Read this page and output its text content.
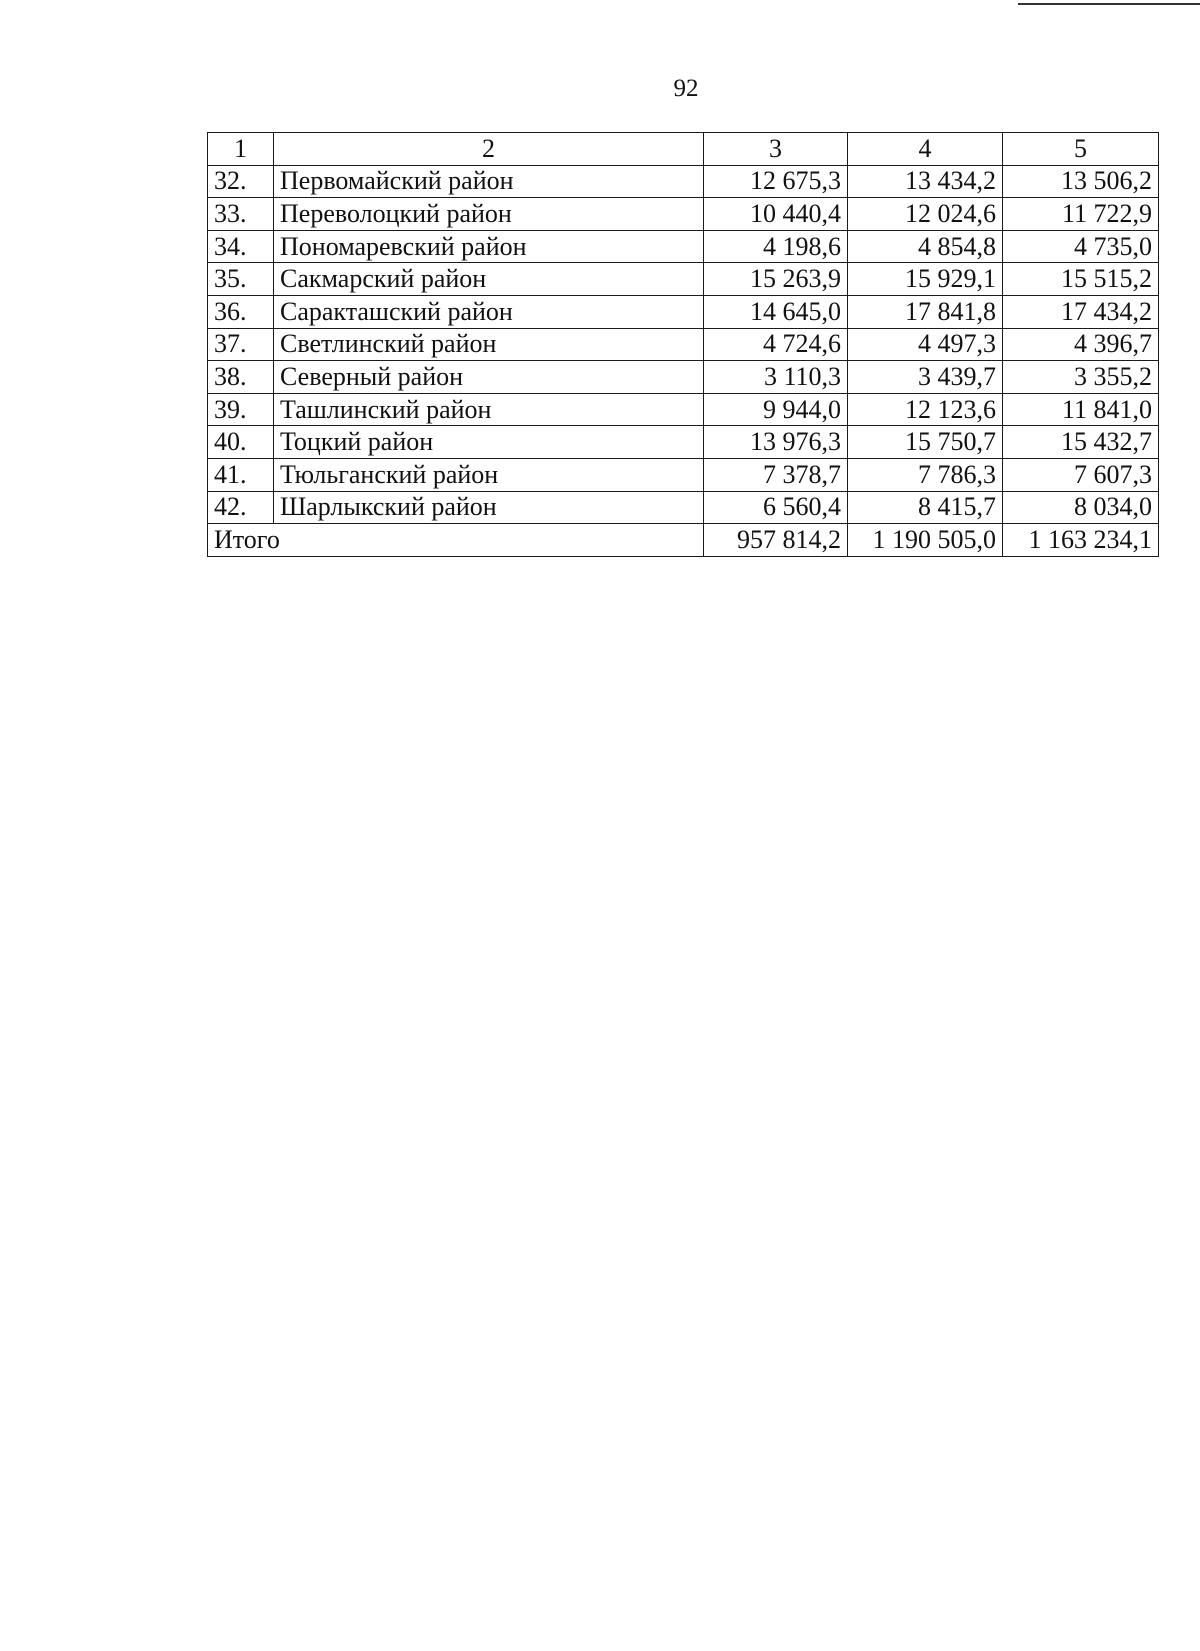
92
1	2	3	4	5
32.	Первомайский район	12 675,3	13 434,2	13 506,2
33.	Переволоцкий район	10 440,4	12 024,6	11 722,9
34.	Пономаревский район	4 198,6	4 854,8	4 735,0
35.	Сакмарский район	15 263,9	15 929,1	15 515,2
36.	Саракташский район	14 645,0	17 841,8	17 434,2
37.	Светлинский район	4 724,6	4 497,3	4 396,7
38.	Северный район	3 110,3	3 439,7	3 355,2
39.	Ташлинский район	9 944,0	12 123,6	11 841,0
40.	Тоцкий район	13 976,3	15 750,7	15 432,7
41.	Тюльганский район	7 378,7	7 786,3	7 607,3
42.	Шарлыкский район	6 560,4	8 415,7	8 034,0
Итого		957 814,2	1 190 505,0	1 163 234,1
